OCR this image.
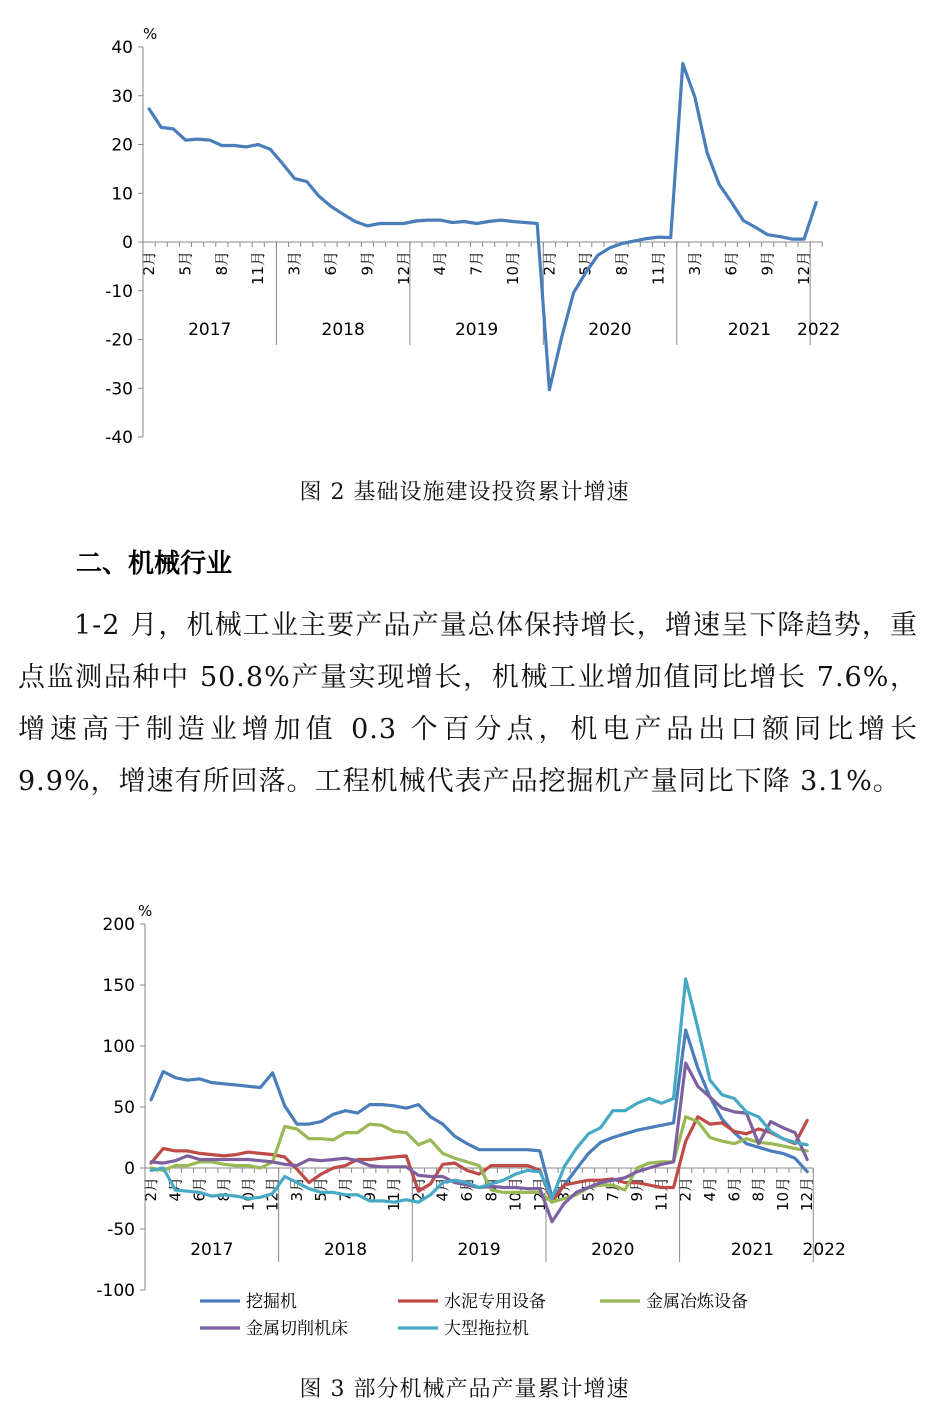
%
40
30
20
10
0
-10
-20
-30
-40
2月 5月 8月 11月 3月 6月 9月 12月 4月 7月 10月 2月 5月 8月 11月 3月 6月 9月 12月
2017	2018	2019	2020	2021 2022
图 2 基础设施建设投资累计增速
二、机械行业

1-2 月，机械工业主要产品产量总体保持增长，增速呈下降趋势，重点监测品种中 50.8%产量实现增长，机械工业增加值同比增长 7.6%，增速高于制造业增加值 0.3 个百分点，机电产品出口额同比增长 9.9%，增速有所回落。工程机械代表产品挖掘机产量同比下降 3.1%。

%
200
150
100
50
0
-50
-100
2月 4月 6月 8月 10月 12月 3月 5月 7月 9月 11月 2月 4月 6月 8月 10月 12月 3月 5月 7月 9月 11月 2月 4月 6月 8月 10月 12月
2017	2018	2019	2020	2021 2022
挖掘机	水泥专用设备	金属冶炼设备
金属切削机床	大型拖拉机
图 3 部分机械产品产量累计增速
